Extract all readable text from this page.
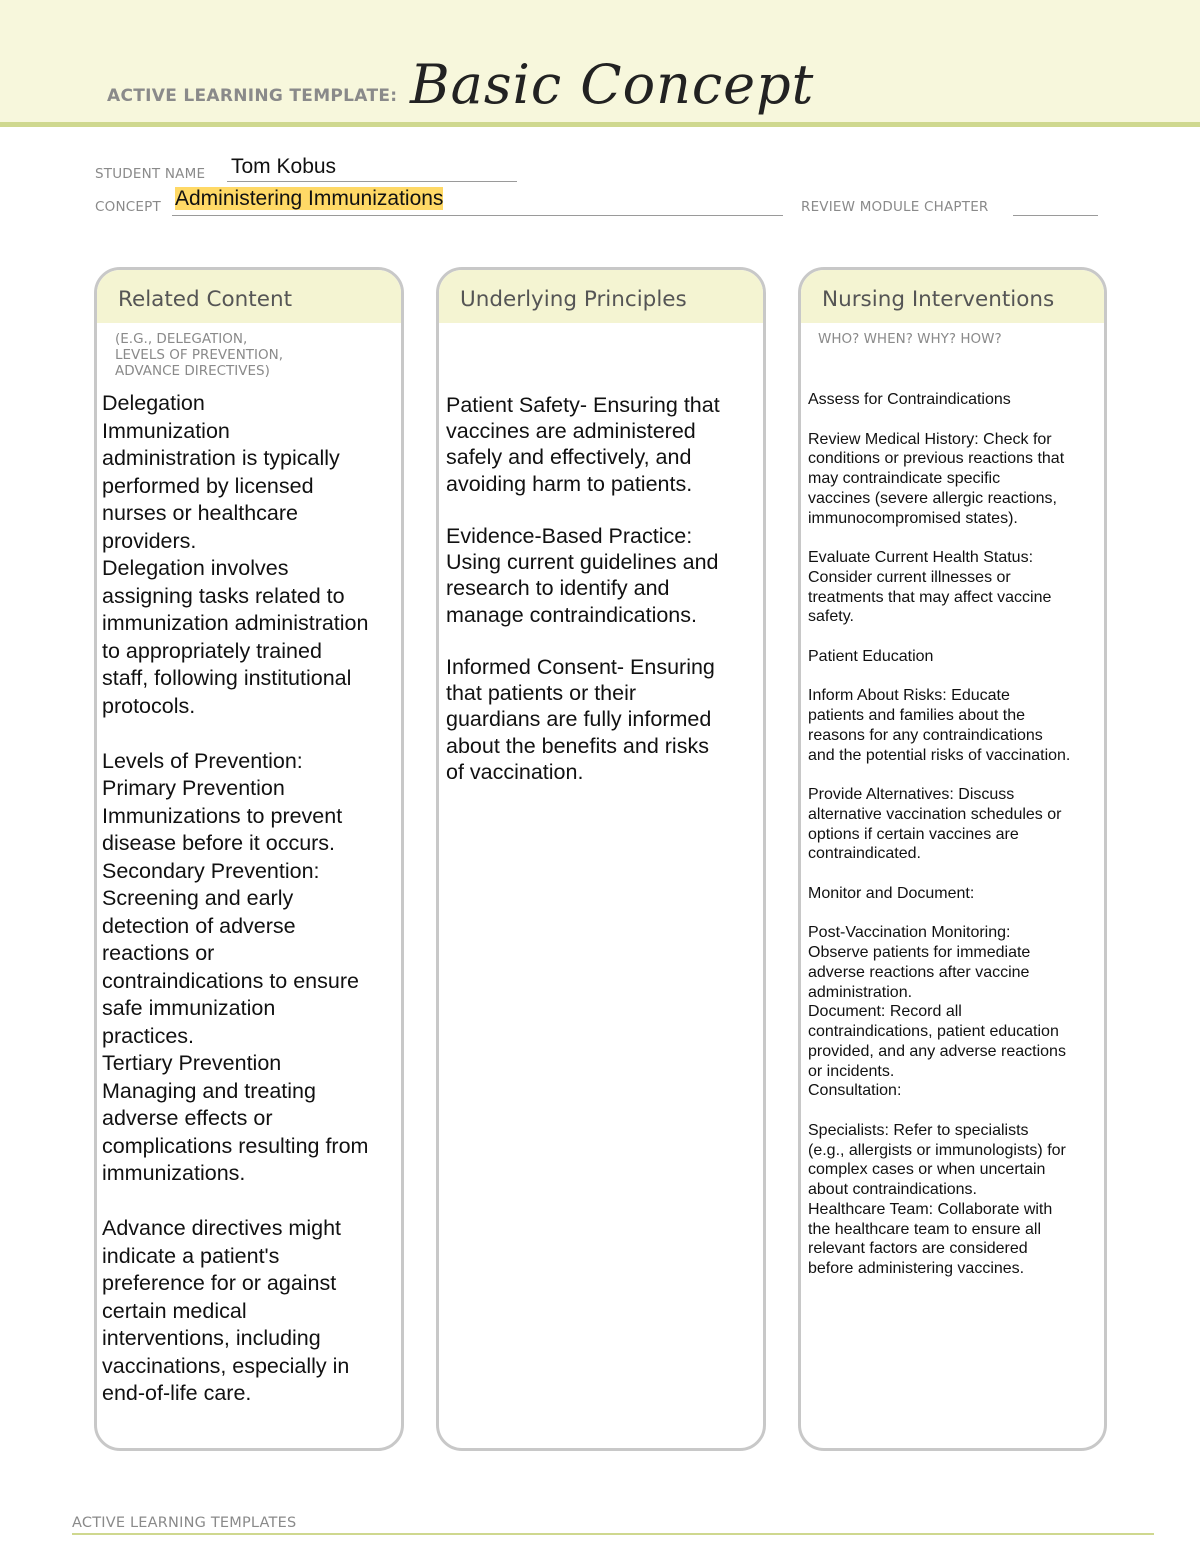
ACTIVE LEARNING TEMPLATE: Basic Concept
STUDENT NAME Tom Kobus
CONCEPT Administering Immunizations	REVIEW MODULE CHAPTER
Related Content
(E.G., DELEGATION,
LEVELS OF PREVENTION,
ADVANCE DIRECTIVES)
Delegation
Immunization
administration is typically
performed by licensed
nurses or healthcare
providers.
Delegation involves
assigning tasks related to
immunization administration
to appropriately trained
staff, following institutional
protocols.

Levels of Prevention:
Primary Prevention
Immunizations to prevent
disease before it occurs.
Secondary Prevention:
Screening and early
detection of adverse
reactions or
contraindications to ensure
safe immunization
practices.
Tertiary Prevention
Managing and treating
adverse effects or
complications resulting from
immunizations.

Advance directives might
indicate a patient's
preference for or against
certain medical
interventions, including
vaccinations, especially in
end-of-life care.
Underlying Principles
Patient Safety- Ensuring that
vaccines are administered
safely and effectively, and
avoiding harm to patients.

Evidence-Based Practice:
Using current guidelines and
research to identify and
manage contraindications.

Informed Consent- Ensuring
that patients or their
guardians are fully informed
about the benefits and risks
of vaccination.
Nursing Interventions
WHO? WHEN? WHY? HOW?
Assess for Contraindications

Review Medical History: Check for
conditions or previous reactions that
may contraindicate specific
vaccines (severe allergic reactions,
immunocompromised states).

Evaluate Current Health Status:
Consider current illnesses or
treatments that may affect vaccine
safety.

Patient Education

Inform About Risks: Educate
patients and families about the
reasons for any contraindications
and the potential risks of vaccination.

Provide Alternatives: Discuss
alternative vaccination schedules or
options if certain vaccines are
contraindicated.

Monitor and Document:

Post-Vaccination Monitoring:
Observe patients for immediate
adverse reactions after vaccine
administration.
Document: Record all
contraindications, patient education
provided, and any adverse reactions
or incidents.
Consultation:

Specialists: Refer to specialists
(e.g., allergists or immunologists) for
complex cases or when uncertain
about contraindications.
Healthcare Team: Collaborate with
the healthcare team to ensure all
relevant factors are considered
before administering vaccines.
ACTIVE LEARNING TEMPLATES
